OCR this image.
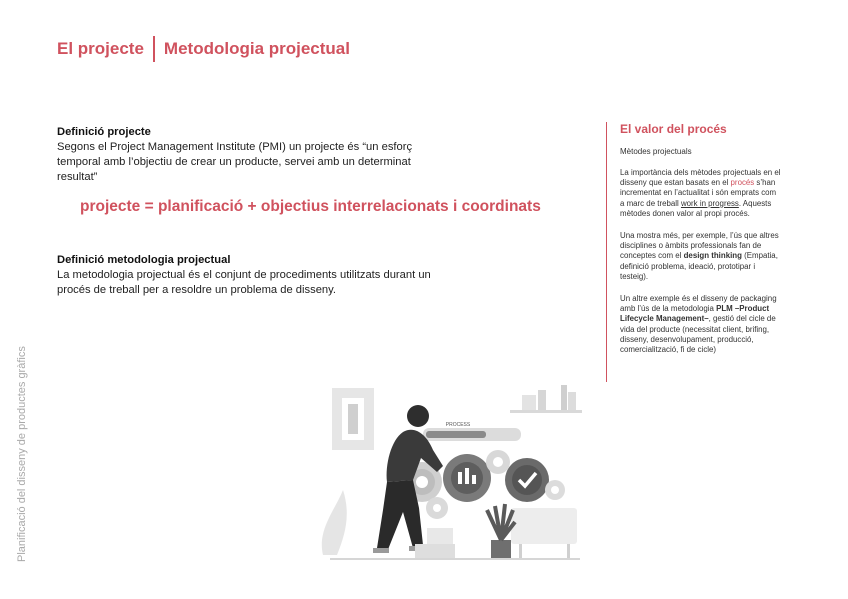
El projecte Metodologia projectual
Planificació del disseny de productes gràfics
Definició projecte
Segons el Project Management Institute (PMI) un projecte és “un esforç temporal amb l’objectiu de crear un producte, servei amb un determinat resultat”
projecte = planificació + objectius interrelacionats i coordinats
Definició metodologia projectual
La metodologia projectual és el conjunt de procediments utilitzats durant un procés de treball per a resoldre un problema de disseny.
El valor del procés
Mètodes projectuals

La importància dels mètodes projectuals en el disseny que estan basats en el procés s’han incrementat en l’actualitat i són emprats com a marc de treball work in progress. Aquests mètodes donen valor al propi procés.

Una mostra més, per exemple, l’ús que altres disciplines o àmbits professionals fan de conceptes com el design thinking (Empatia, definició problema, ideació, prototipar i testeig).

Un altre exemple és el disseny de packaging amb l’ús de la metodologia PLM –Product Lifecycle Management–, gestió del cicle de vida del producte (necessitat client, brifing, disseny, desenvolupament, producció, comercialització, fi de cicle)

PROCESS
